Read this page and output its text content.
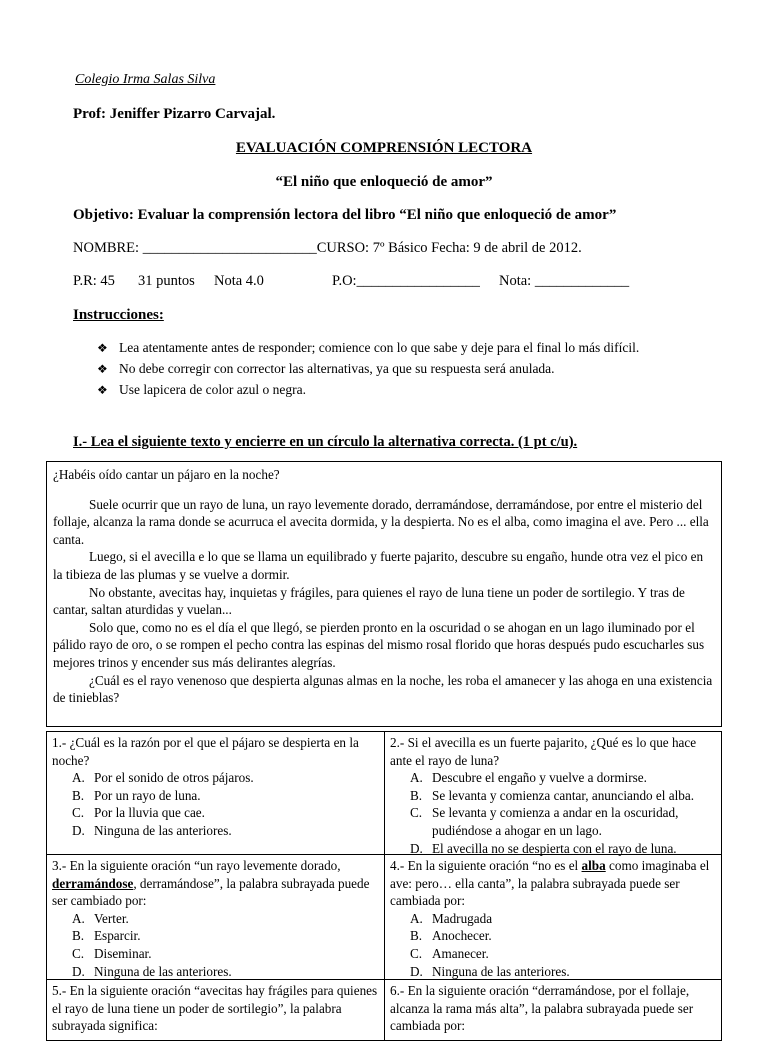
Colegio Irma Salas Silva
Prof: Jeniffer Pizarro Carvajal.
EVALUACIÓN COMPRENSIÓN LECTORA
“El niño que enloqueció de amor”
Objetivo: Evaluar la comprensión lectora del libro “El niño que enloqueció de amor”
NOMBRE: ________________________CURSO: 7º Básico Fecha: 9 de abril de 2012.
P.R: 45 31 puntos Nota 4.0	P.O:_________________ Nota: _____________
Instrucciones:
❖ Lea atentamente antes de responder; comience con lo que sabe y deje para el final lo más difícil.
❖ No debe corregir con corrector las alternativas, ya que su respuesta será anulada.
❖ Use lapicera de color azul o negra.
I.- Lea el siguiente texto y encierre en un círculo la alternativa correcta. (1 pt c/u).

¿Habéis oído cantar un pájaro en la noche?

Suele ocurrir que un rayo de luna, un rayo levemente dorado, derramándose, derramándose, por entre el misterio del follaje, alcanza la rama donde se acurruca el avecita dormida, y la despierta. No es el alba, como imagina el ave. Pero ... ella canta.

Luego, si el avecilla e lo que se llama un equilibrado y fuerte pajarito, descubre su engaño, hunde otra vez el pico en la tibieza de las plumas y se vuelve a dormir.

No obstante, avecitas hay, inquietas y frágiles, para quienes el rayo de luna tiene un poder de sortilegio. Y tras de cantar, saltan aturdidas y vuelan...

Solo que, como no es el día el que llegó, se pierden pronto en la oscuridad o se ahogan en un lago iluminado por el pálido rayo de oro, o se rompen el pecho contra las espinas del mismo rosal florido que horas después pudo escucharles sus mejores trinos y encender sus más delirantes alegrías.

¿Cuál es el rayo venenoso que despierta algunas almas en la noche, les roba el amanecer y las ahoga en una existencia de tinieblas?

1.- ¿Cuál es la razón por el que el pájaro se despierta en la noche?

A. Por el sonido de otros pájaros.
B. Por un rayo de luna.
C. Por la lluvia que cae.
D. Ninguna de las anteriores.

2.- Si el avecilla es un fuerte pajarito, ¿Qué es lo que hace ante el rayo de luna?

A. Descubre el engaño y vuelve a dormirse.
B. Se levanta y comienza cantar, anunciando el alba.
C. Se levanta y comienza a andar en la oscuridad, pudiéndose a ahogar en un lago.
D. El avecilla no se despierta con el rayo de luna.

3.- En la siguiente oración “un rayo levemente dorado, derramándose, derramándose”, la palabra subrayada puede ser cambiado por:

A. Verter.
B. Esparcir.
C. Diseminar.
D. Ninguna de las anteriores.

4.- En la siguiente oración “no es el alba como imaginaba el ave: pero… ella canta”, la palabra subrayada puede ser cambiada por:

A. Madrugada
B. Anochecer.
C. Amanecer.
D. Ninguna de las anteriores.

5.- En la siguiente oración “avecitas hay frágiles para quienes el rayo de luna tiene un poder de sortilegio”, la palabra subrayada significa:

6.- En la siguiente oración “derramándose, por el follaje, alcanza la rama más alta”, la palabra subrayada puede ser cambiada por:
